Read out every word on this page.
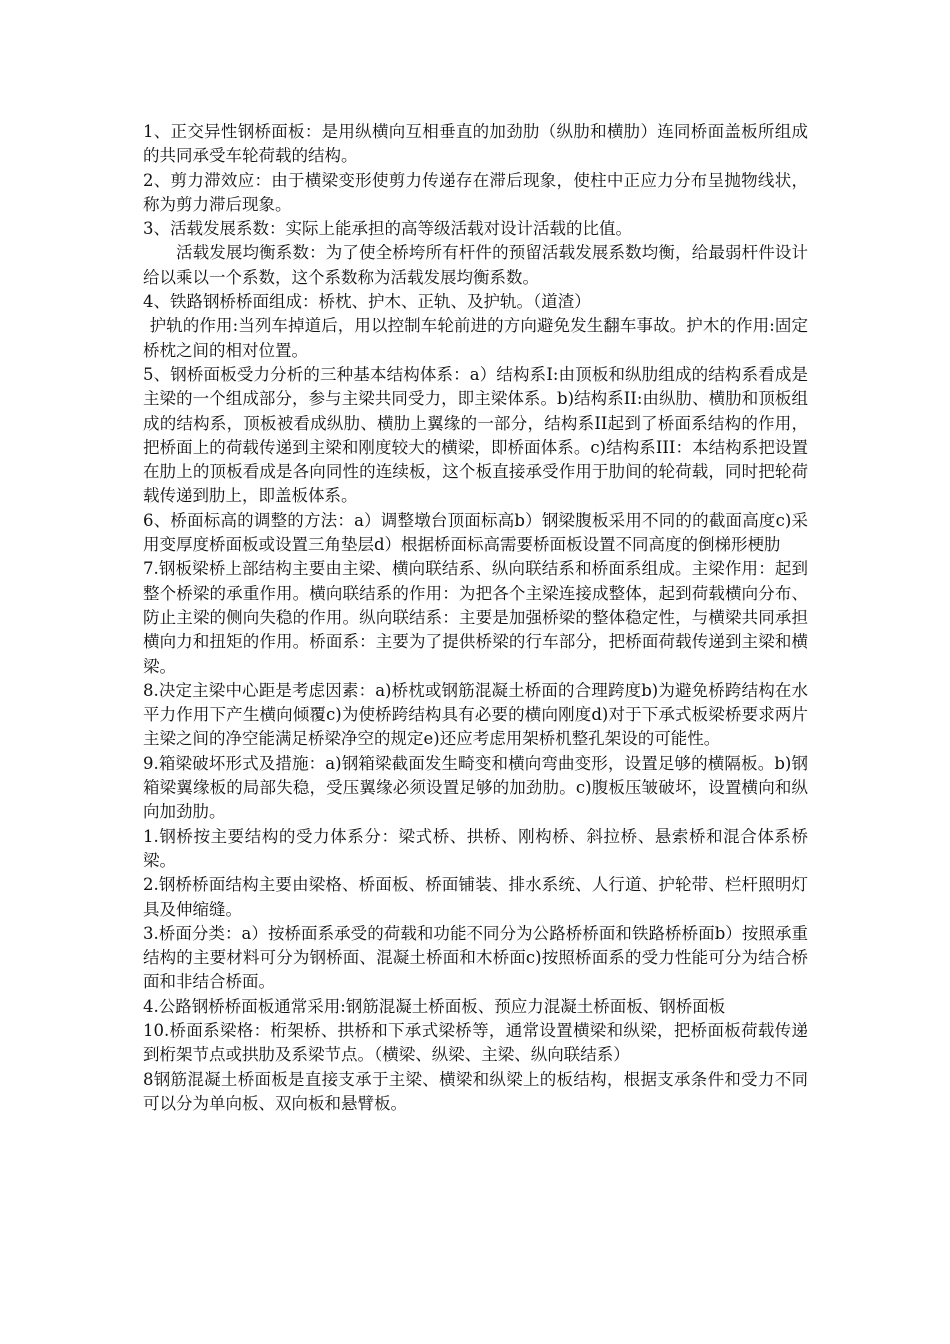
1、正交异性钢桥面板：是用纵横向互相垂直的加劲肋（纵肋和横肋）连同桥面盖板所组成的共同承受车轮荷载的结构。

2、剪力滞效应：由于横梁变形使剪力传递存在滞后现象，使柱中正应力分布呈抛物线状，称为剪力滞后现象。

3、活载发展系数：实际上能承担的高等级活载对设计活载的比值。

活载发展均衡系数：为了使全桥垮所有杆件的预留活载发展系数均衡，给最弱杆件设计给以乘以一个系数，这个系数称为活载发展均衡系数。

4、铁路钢桥桥面组成：桥枕、护木、正轨、及护轨。（道渣）

护轨的作用:当列车掉道后，用以控制车轮前进的方向避免发生翻车事故。护木的作用:固定桥枕之间的相对位置。

5、钢桥面板受力分析的三种基本结构体系：a）结构系I:由顶板和纵肋组成的结构系看成是主梁的一个组成部分，参与主梁共同受力，即主梁体系。b)结构系II:由纵肋、横肋和顶板组成的结构系，顶板被看成纵肋、横肋上翼缘的一部分，结构系II起到了桥面系结构的作用，把桥面上的荷载传递到主梁和刚度较大的横梁，即桥面体系。c)结构系III：本结构系把设置在肋上的顶板看成是各向同性的连续板，这个板直接承受作用于肋间的轮荷载，同时把轮荷载传递到肋上，即盖板体系。

6、桥面标高的调整的方法：a）调整墩台顶面标高b）钢梁腹板采用不同的的截面高度c)采用变厚度桥面板或设置三角垫层d）根据桥面标高需要桥面板设置不同高度的倒梯形梗肋

7.钢板梁桥上部结构主要由主梁、横向联结系、纵向联结系和桥面系组成。主梁作用：起到整个桥梁的承重作用。横向联结系的作用：为把各个主梁连接成整体，起到荷载横向分布、防止主梁的侧向失稳的作用。纵向联结系：主要是加强桥梁的整体稳定性，与横梁共同承担横向力和扭矩的作用。桥面系：主要为了提供桥梁的行车部分，把桥面荷载传递到主梁和横梁。

8.决定主梁中心距是考虑因素：a)桥枕或钢筋混凝土桥面的合理跨度b)为避免桥跨结构在水平力作用下产生横向倾覆c)为使桥跨结构具有必要的横向刚度d)对于下承式板梁桥要求两片主梁之间的净空能满足桥梁净空的规定e)还应考虑用架桥机整孔架设的可能性。

9.箱梁破坏形式及措施：a)钢箱梁截面发生畸变和横向弯曲变形，设置足够的横隔板。b)钢箱梁翼缘板的局部失稳，受压翼缘必须设置足够的加劲肋。c)腹板压皱破坏，设置横向和纵向加劲肋。

1.钢桥按主要结构的受力体系分：梁式桥、拱桥、刚构桥、斜拉桥、悬索桥和混合体系桥梁。

2.钢桥桥面结构主要由梁格、桥面板、桥面铺装、排水系统、人行道、护轮带、栏杆照明灯具及伸缩缝。

3.桥面分类：a）按桥面系承受的荷载和功能不同分为公路桥桥面和铁路桥桥面b）按照承重结构的主要材料可分为钢桥面、混凝土桥面和木桥面c)按照桥面系的受力性能可分为结合桥面和非结合桥面。

4.公路钢桥桥面板通常采用:钢筋混凝土桥面板、预应力混凝土桥面板、钢桥面板

10.桥面系梁格：桁架桥、拱桥和下承式梁桥等，通常设置横梁和纵梁，把桥面板荷载传递到桁架节点或拱肋及系梁节点。（横梁、纵梁、主梁、纵向联结系）

8钢筋混凝土桥面板是直接支承于主梁、横梁和纵梁上的板结构，根据支承条件和受力不同可以分为单向板、双向板和悬臂板。
